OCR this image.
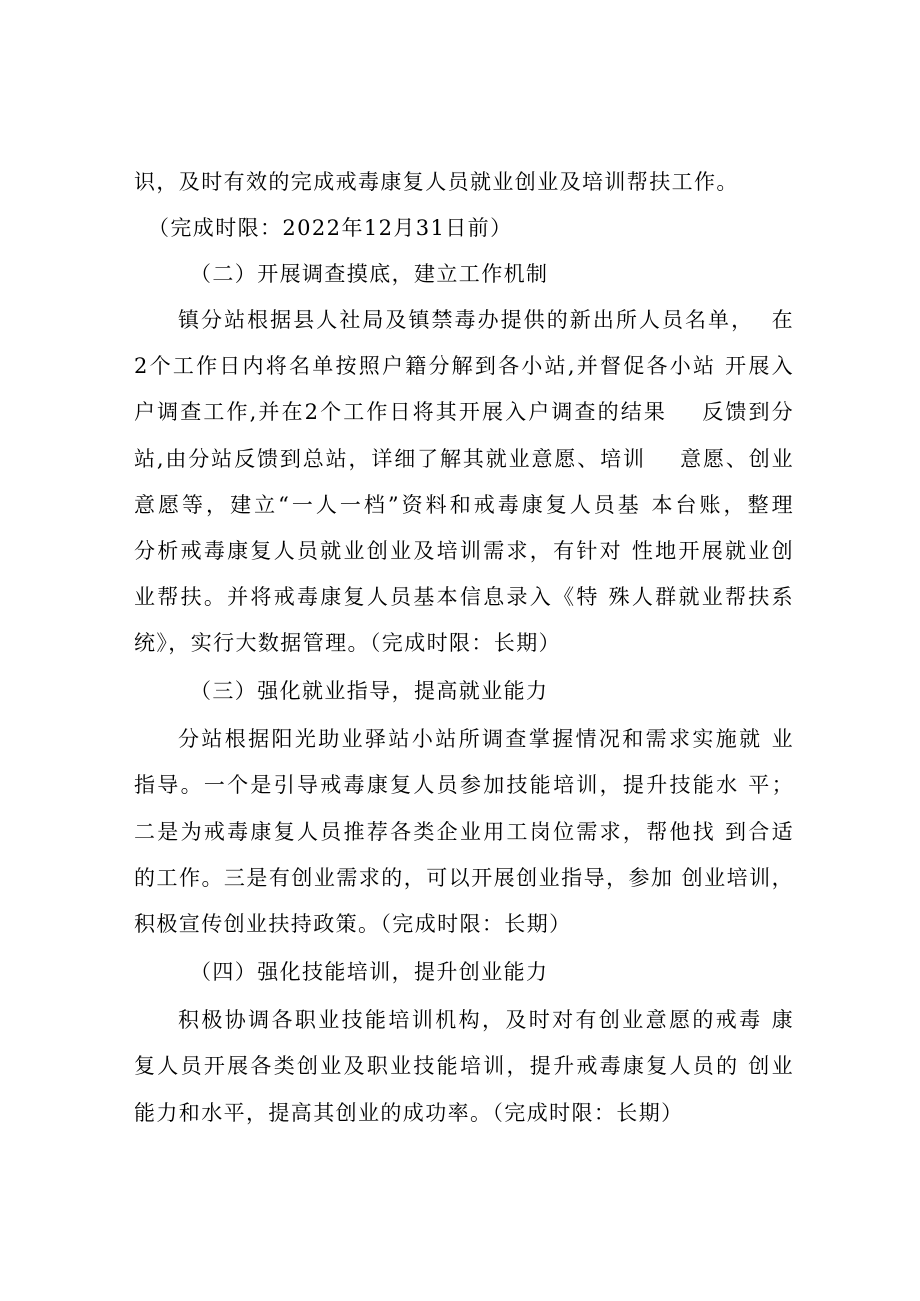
识，及时有效的完成戒毒康复人员就业创业及培训帮扶工作。
（完成时限：2022年12月31日前）
（二）开展调查摸底，建立工作机制
镇分站根据县人社局及镇禁毒办提供的新出所人员名单，  在
2个工作日内将名单按照户籍分解到各小站,并督促各小站 开展入
户调查工作,并在2个工作日将其开展入户调查的结果    反馈到分
站,由分站反馈到总站，详细了解其就业意愿、培训    意愿、创业
意愿等，建立“一人一档”资料和戒毒康复人员基 本台账，整理
分析戒毒康复人员就业创业及培训需求，有针对 性地开展就业创
业帮扶。并将戒毒康复人员基本信息录入《特 殊人群就业帮扶系
统》，实行大数据管理。（完成时限：长期）
（三）强化就业指导，提高就业能力
分站根据阳光助业驿站小站所调查掌握情况和需求实施就 业
指导。一个是引导戒毒康复人员参加技能培训，提升技能水 平；
二是为戒毒康复人员推荐各类企业用工岗位需求，帮他找 到合适
的工作。三是有创业需求的，可以开展创业指导，参加 创业培训，
积极宣传创业扶持政策。（完成时限：长期）
（四）强化技能培训，提升创业能力
积极协调各职业技能培训机构，及时对有创业意愿的戒毒 康
复人员开展各类创业及职业技能培训，提升戒毒康复人员的 创业
能力和水平，提高其创业的成功率。（完成时限：长期）
